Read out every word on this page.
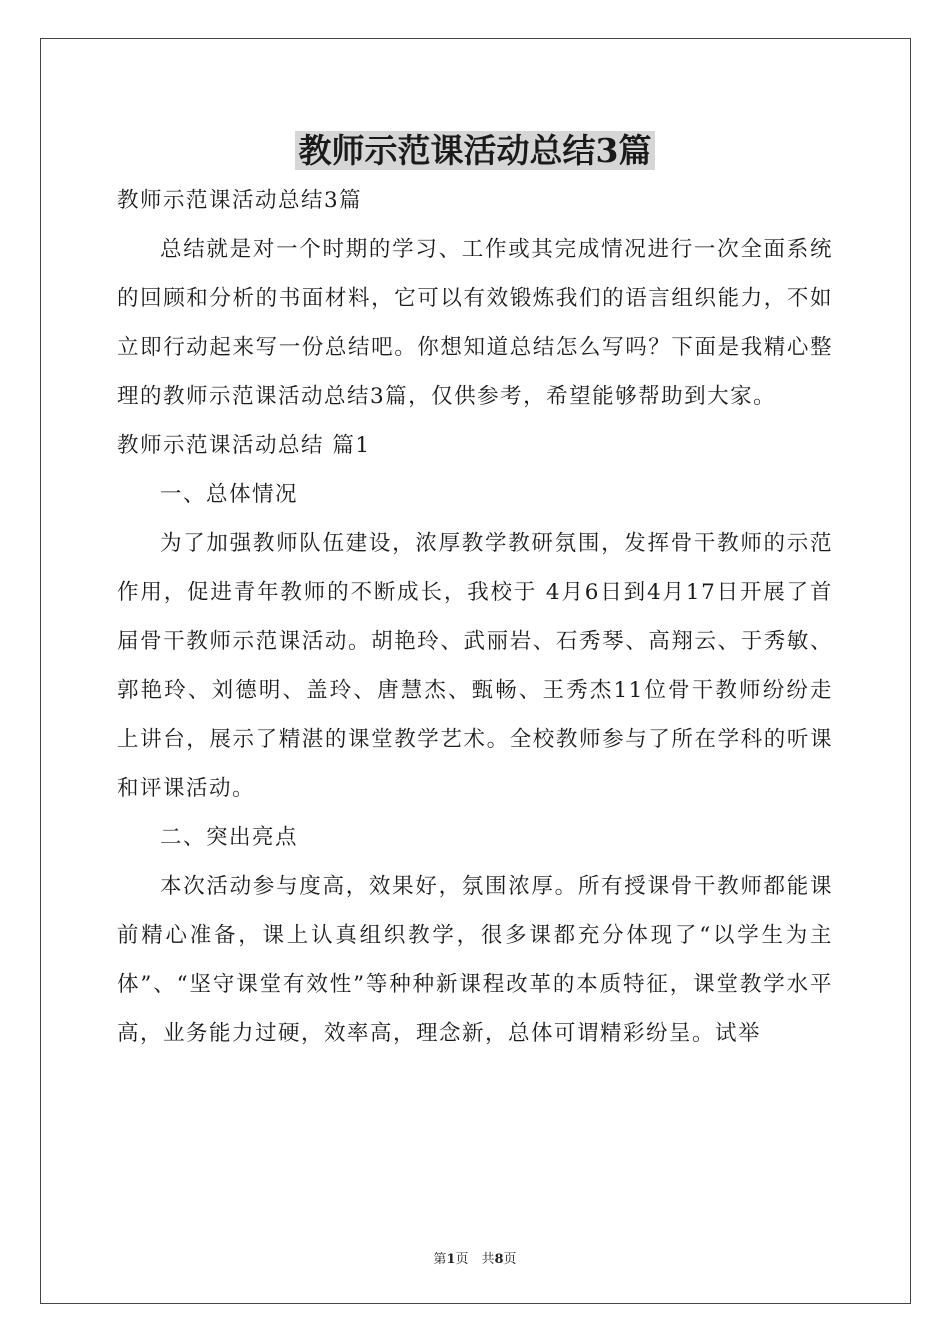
教师示范课活动总结3篇

教师示范课活动总结3篇

总结就是对一个时期的学习、工作或其完成情况进行一次全面系统的回顾和分析的书面材料，它可以有效锻炼我们的语言组织能力，不如立即行动起来写一份总结吧。你想知道总结怎么写吗？下面是我精心整理的教师示范课活动总结3篇，仅供参考，希望能够帮助到大家。

教师示范课活动总结 篇1

一、总体情况

为了加强教师队伍建设，浓厚教学教研氛围，发挥骨干教师的示范作用，促进青年教师的不断成长，我校于 4月6日到4月17日开展了首届骨干教师示范课活动。胡艳玲、武丽岩、石秀琴、高翔云、于秀敏、郭艳玲、刘德明、盖玲、唐慧杰、甄畅、王秀杰11位骨干教师纷纷走上讲台，展示了精湛的课堂教学艺术。全校教师参与了所在学科的听课和评课活动。

二、突出亮点

本次活动参与度高，效果好，氛围浓厚。所有授课骨干教师都能课前精心准备，课上认真组织教学，很多课都充分体现了“以学生为主体”、“坚守课堂有效性”等种种新课程改革的本质特征，课堂教学水平高，业务能力过硬，效率高，理念新，总体可谓精彩纷呈。试举

第1页　共8页
